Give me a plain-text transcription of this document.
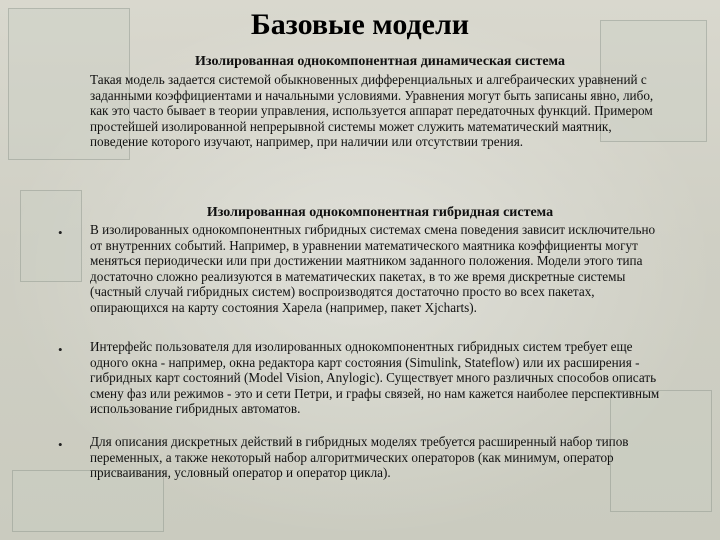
Базовые модели
Изолированная однокомпонентная динамическая система
Такая модель задается системой обыкновенных дифференциальных и алгебраических уравнений с заданными коэффициентами и начальными условиями. Уравнения могут быть записаны явно, либо, как это часто бывает в теории управления, используется аппарат передаточных функций. Примером простейшей изолированной непрерывной системы может служить математический маятник, поведение которого изучают, например, при наличии или отсутствии трения.
Изолированная однокомпонентная гибридная система
• В изолированных однокомпонентных гибридных системах смена поведения зависит исключительно от внутренних событий. Например, в уравнении математического маятника коэффициенты могут меняться периодически или при достижении маятником заданного положения. Модели этого типа достаточно сложно реализуются в математических пакетах, в то же время дискретные системы (частный случай гибридных систем) воспроизводятся достаточно просто во всех пакетах, опирающихся на карту состояния Харела (например, пакет Xjcharts).
• Интерфейс пользователя для изолированных однокомпонентных гибридных систем требует еще одного окна - например, окна редактора карт состояния (Simulink, Stateflow) или их расширения - гибридных карт состояний (Model Vision, Anylogic). Существует много различных способов описать смену фаз или режимов - это и сети Петри, и графы связей, но нам кажется наиболее перспективным использование гибридных автоматов.
• Для описания дискретных действий в гибридных моделях требуется расширенный набор типов переменных, а также некоторый набор алгоритмических операторов (как минимум, оператор присваивания, условный оператор и оператор цикла).
